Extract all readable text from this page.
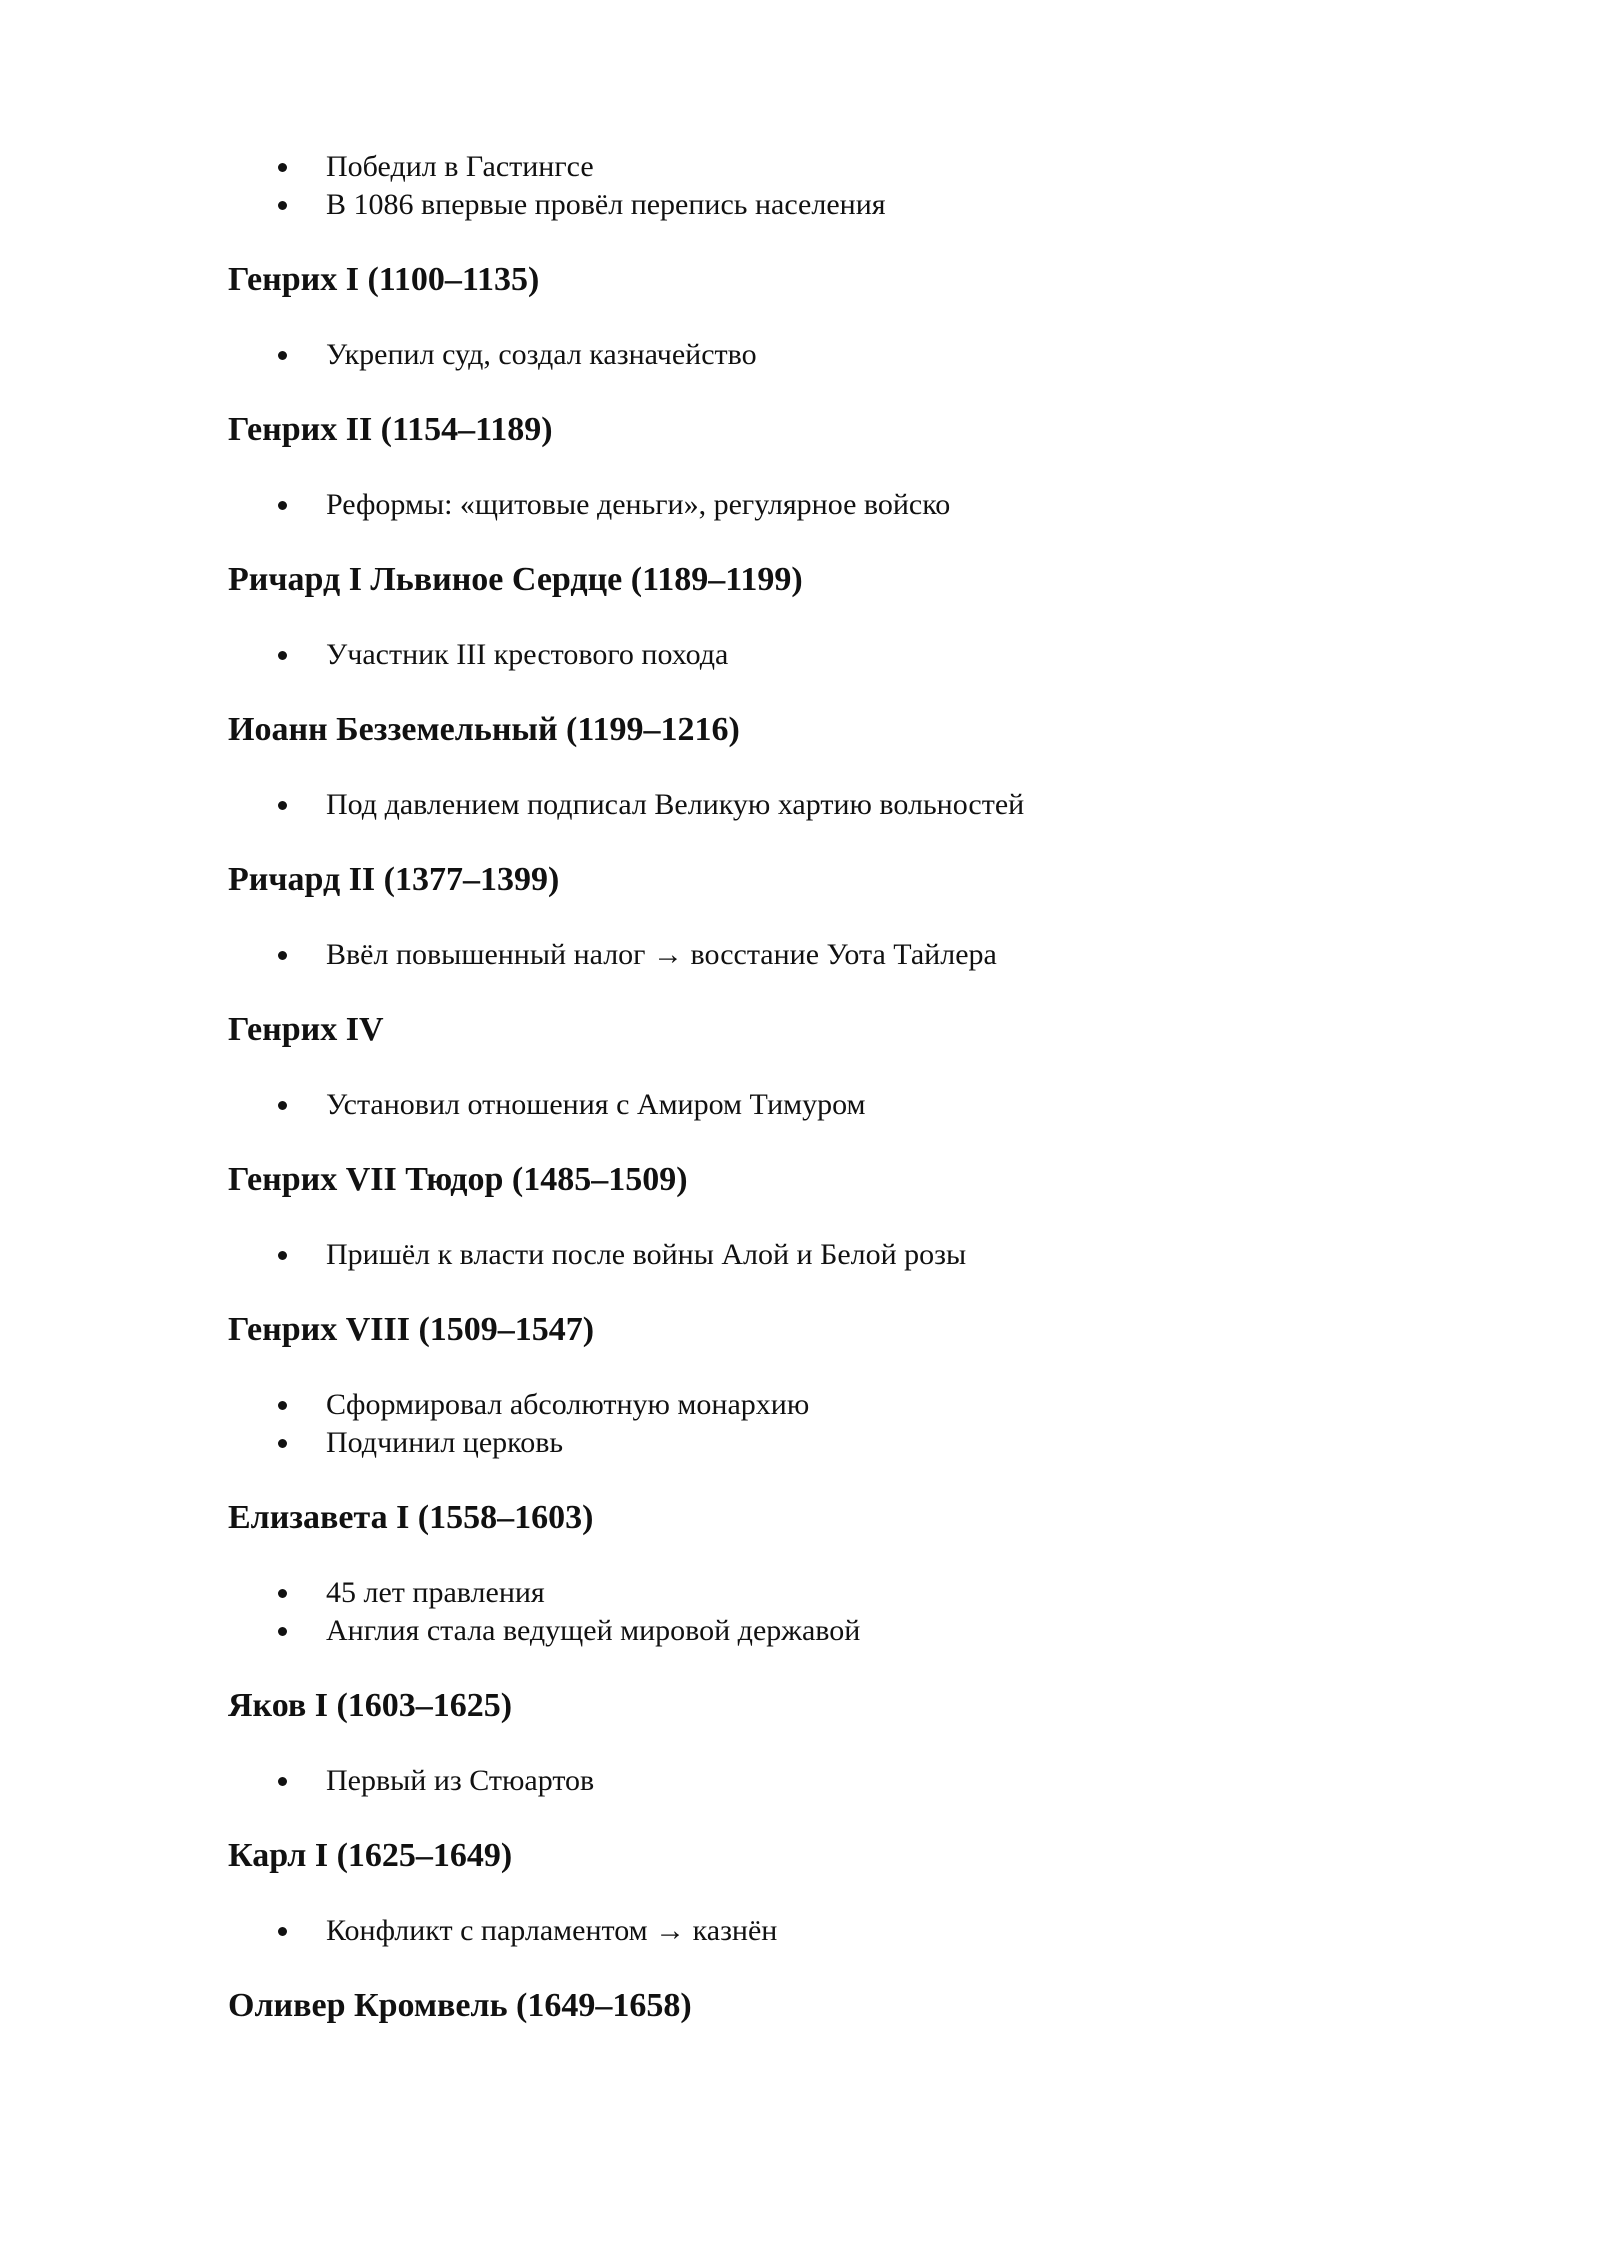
Победил в Гастингсе
В 1086 впервые провёл перепись населения
Генрих I (1100–1135)
Укрепил суд, создал казначейство
Генрих II (1154–1189)
Реформы: «щитовые деньги», регулярное войско
Ричард I Львиное Сердце (1189–1199)
Участник III крестового похода
Иоанн Безземельный (1199–1216)
Под давлением подписал Великую хартию вольностей
Ричард II (1377–1399)
Ввёл повышенный налог → восстание Уота Тайлера
Генрих IV
Установил отношения с Амиром Тимуром
Генрих VII Тюдор (1485–1509)
Пришёл к власти после войны Алой и Белой розы
Генрих VIII (1509–1547)
Сформировал абсолютную монархию
Подчинил церковь
Елизавета I (1558–1603)
45 лет правления
Англия стала ведущей мировой державой
Яков I (1603–1625)
Первый из Стюартов
Карл I (1625–1649)
Конфликт с парламентом → казнён
Оливер Кромвель (1649–1658)
